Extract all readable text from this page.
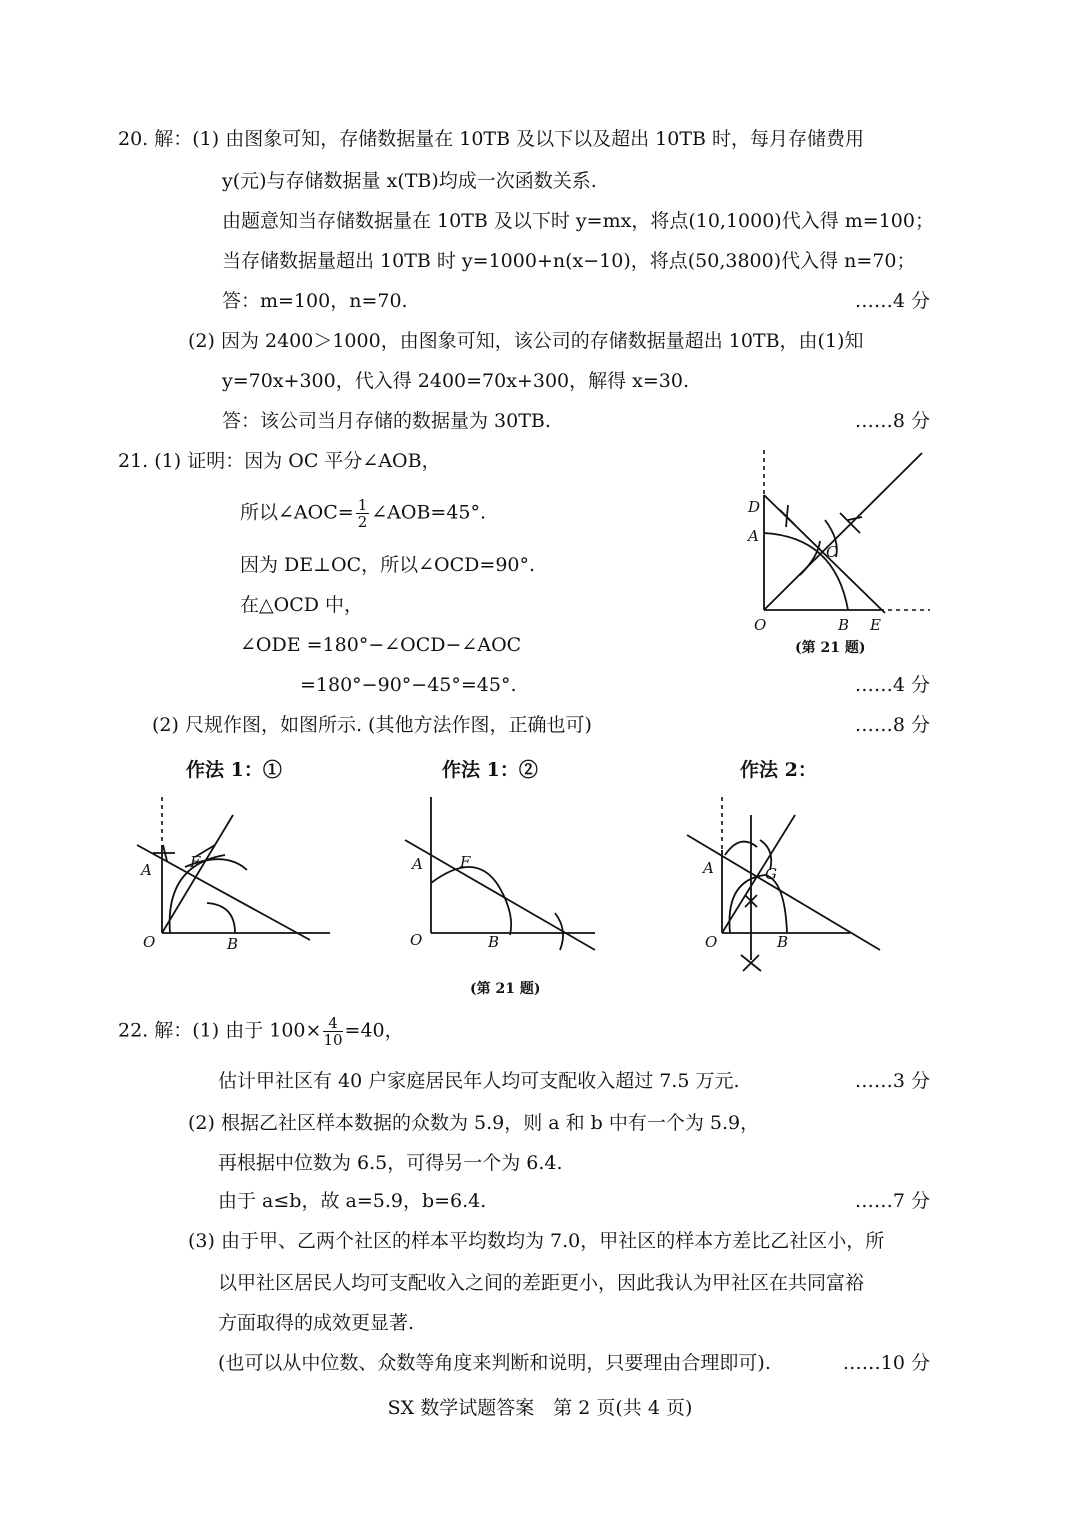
20. 解：(1) 由图象可知，存储数据量在 10TB 及以下以及超出 10TB 时，每月存储费用
y(元)与存储数据量 x(TB)均成一次函数关系.
由题意知当存储数据量在 10TB 及以下时 y=mx，将点(10,1000)代入得 m=100；
当存储数据量超出 10TB 时 y=1000+n(x−10)，将点(50,3800)代入得 n=70；
答：m=100，n=70.	……4 分
(2) 因为 2400＞1000，由图象可知，该公司的存储数据量超出 10TB，由(1)知
y=70x+300，代入得 2400=70x+300，解得 x=30.
答：该公司当月存储的数据量为 30TB.	……8 分
21. (1) 证明：因为 OC 平分∠AOB，
所以∠AOC= $\frac{1}{2}$ ∠AOB=45°.
因为 DE⊥OC，所以∠OCD=90°.
在△OCD 中，
∠ODE =180°−∠OCD−∠AOC
=180°−90°−45°=45°.	……4 分
(2) 尺规作图，如图所示. (其他方法作图，正确也可)	……8 分
D
A
C
O	B E
(第 21 题)
作法 1：①	作法 1：②	作法 2：
A	F
O	B
A F
O	B
A	G
O	B
(第 21 题)
22. 解：(1) 由于 $100\times \frac{4}{10} =40$，
估计甲社区有 40 户家庭居民年人均可支配收入超过 7.5 万元.	……3 分
(2) 根据乙社区样本数据的众数为 5.9，则 a 和 b 中有一个为 5.9，
再根据中位数为 6.5，可得另一个为 6.4.
由于 a≤b，故 a=5.9，b=6.4.	……7 分
(3) 由于甲、乙两个社区的样本平均数均为 7.0，甲社区的样本方差比乙社区小，所
以甲社区居民人均可支配收入之间的差距更小，因此我认为甲社区在共同富裕
方面取得的成效更显著.
(也可以从中位数、众数等角度来判断和说明，只要理由合理即可).	……10 分
SX 数学试题答案　第 2 页(共 4 页)
